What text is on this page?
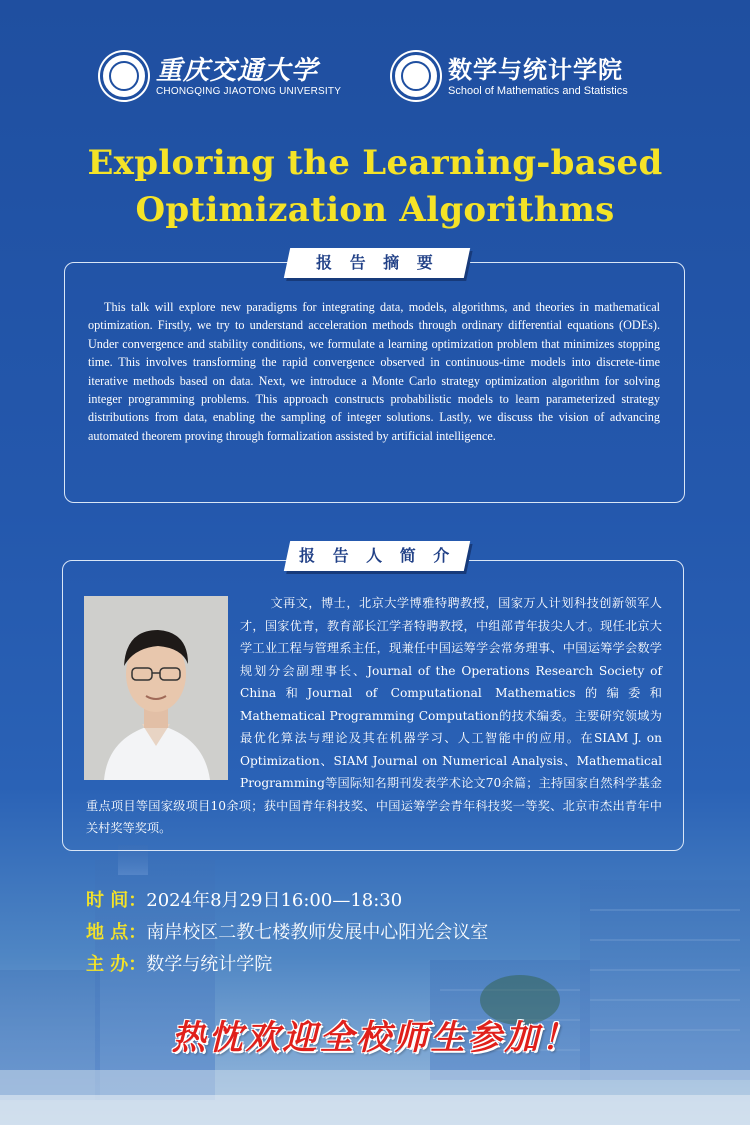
重庆交通大学
CHONGQING JIAOTONG UNIVERSITY
数学与统计学院
School of Mathematics and Statistics
Exploring the Learning-based
Optimization Algorithms
报 告 摘 要
This talk will explore new paradigms for integrating data, models, algorithms, and theories in mathematical optimization. Firstly, we try to understand acceleration methods through ordinary differential equations (ODEs). Under convergence and stability conditions, we formulate a learning optimization problem that minimizes stopping time. This involves transforming the rapid convergence observed in continuous-time models into discrete-time iterative methods based on data. Next, we introduce a Monte Carlo strategy optimization algorithm for solving integer programming problems. This approach constructs probabilistic models to learn parameterized strategy distributions from data, enabling the sampling of integer solutions. Lastly, we discuss the vision of advancing automated theorem proving through formalization assisted by artificial intelligence.
报 告 人 简 介
文再文，博士，北京大学博雅特聘教授，国家万人计划科技创新领军人才，国家优青，教育部长江学者特聘教授，中组部青年拔尖人才。现任北京大学工业工程与管理系主任，现兼任中国运筹学会常务理事、中国运筹学会数学规划分会副理事长、Journal of the Operations Research Society of China和Journal of Computational Mathematics的编委和Mathematical Programming Computation的技术编委。主要研究领域为最优化算法与理论及其在机器学习、人工智能中的应用。在SIAM J. on Optimization、SIAM Journal on Numerical Analysis、Mathematical Programming等国际知名期刊发表学术论文70余篇；主持国家自然科学基金重点项目等国家级项目10余项；获中国青年科技奖、中国运筹学会青年科技奖一等奖、北京市杰出青年中关村奖等奖项。
时 间：2024年8月29日16:00—18:30
地 点：南岸校区二教七楼教师发展中心阳光会议室
主 办：数学与统计学院
热忱欢迎全校师生参加！
